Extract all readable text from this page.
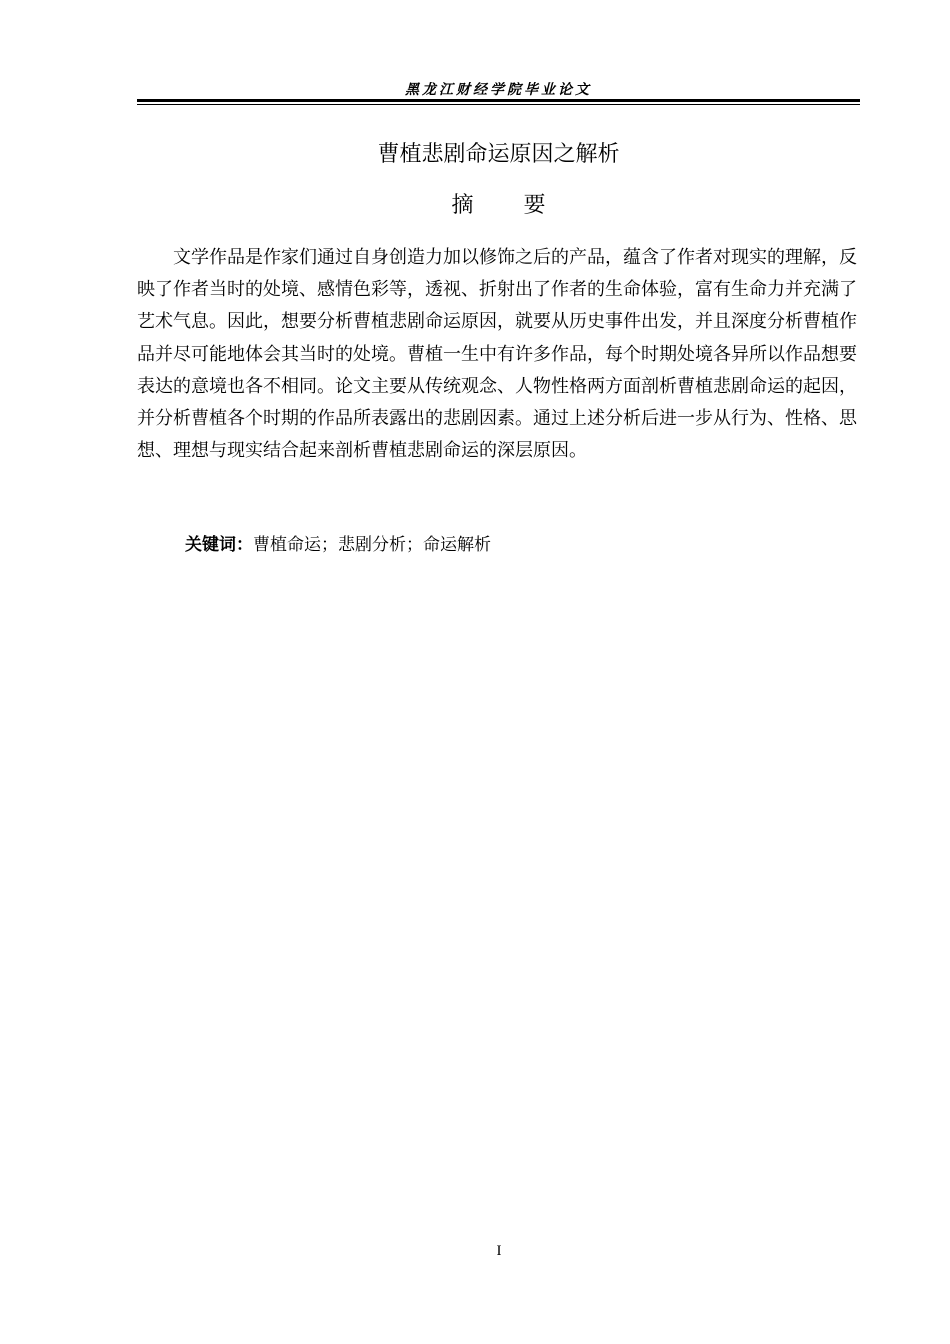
黑龙江财经学院毕业论文
曹植悲剧命运原因之解析
摘要
文学作品是作家们通过自身创造力加以修饰之后的产品，蕴含了作者对现实的理解，反映了作者当时的处境、感情色彩等，透视、折射出了作者的生命体验，富有生命力并充满了艺术气息。因此，想要分析曹植悲剧命运原因，就要从历史事件出发，并且深度分析曹植作品并尽可能地体会其当时的处境。曹植一生中有许多作品，每个时期处境各异所以作品想要表达的意境也各不相同。论文主要从传统观念、人物性格两方面剖析曹植悲剧命运的起因，并分析曹植各个时期的作品所表露出的悲剧因素。通过上述分析后进一步从行为、性格、思想、理想与现实结合起来剖析曹植悲剧命运的深层原因。
关键词：曹植命运；悲剧分析；命运解析
I
